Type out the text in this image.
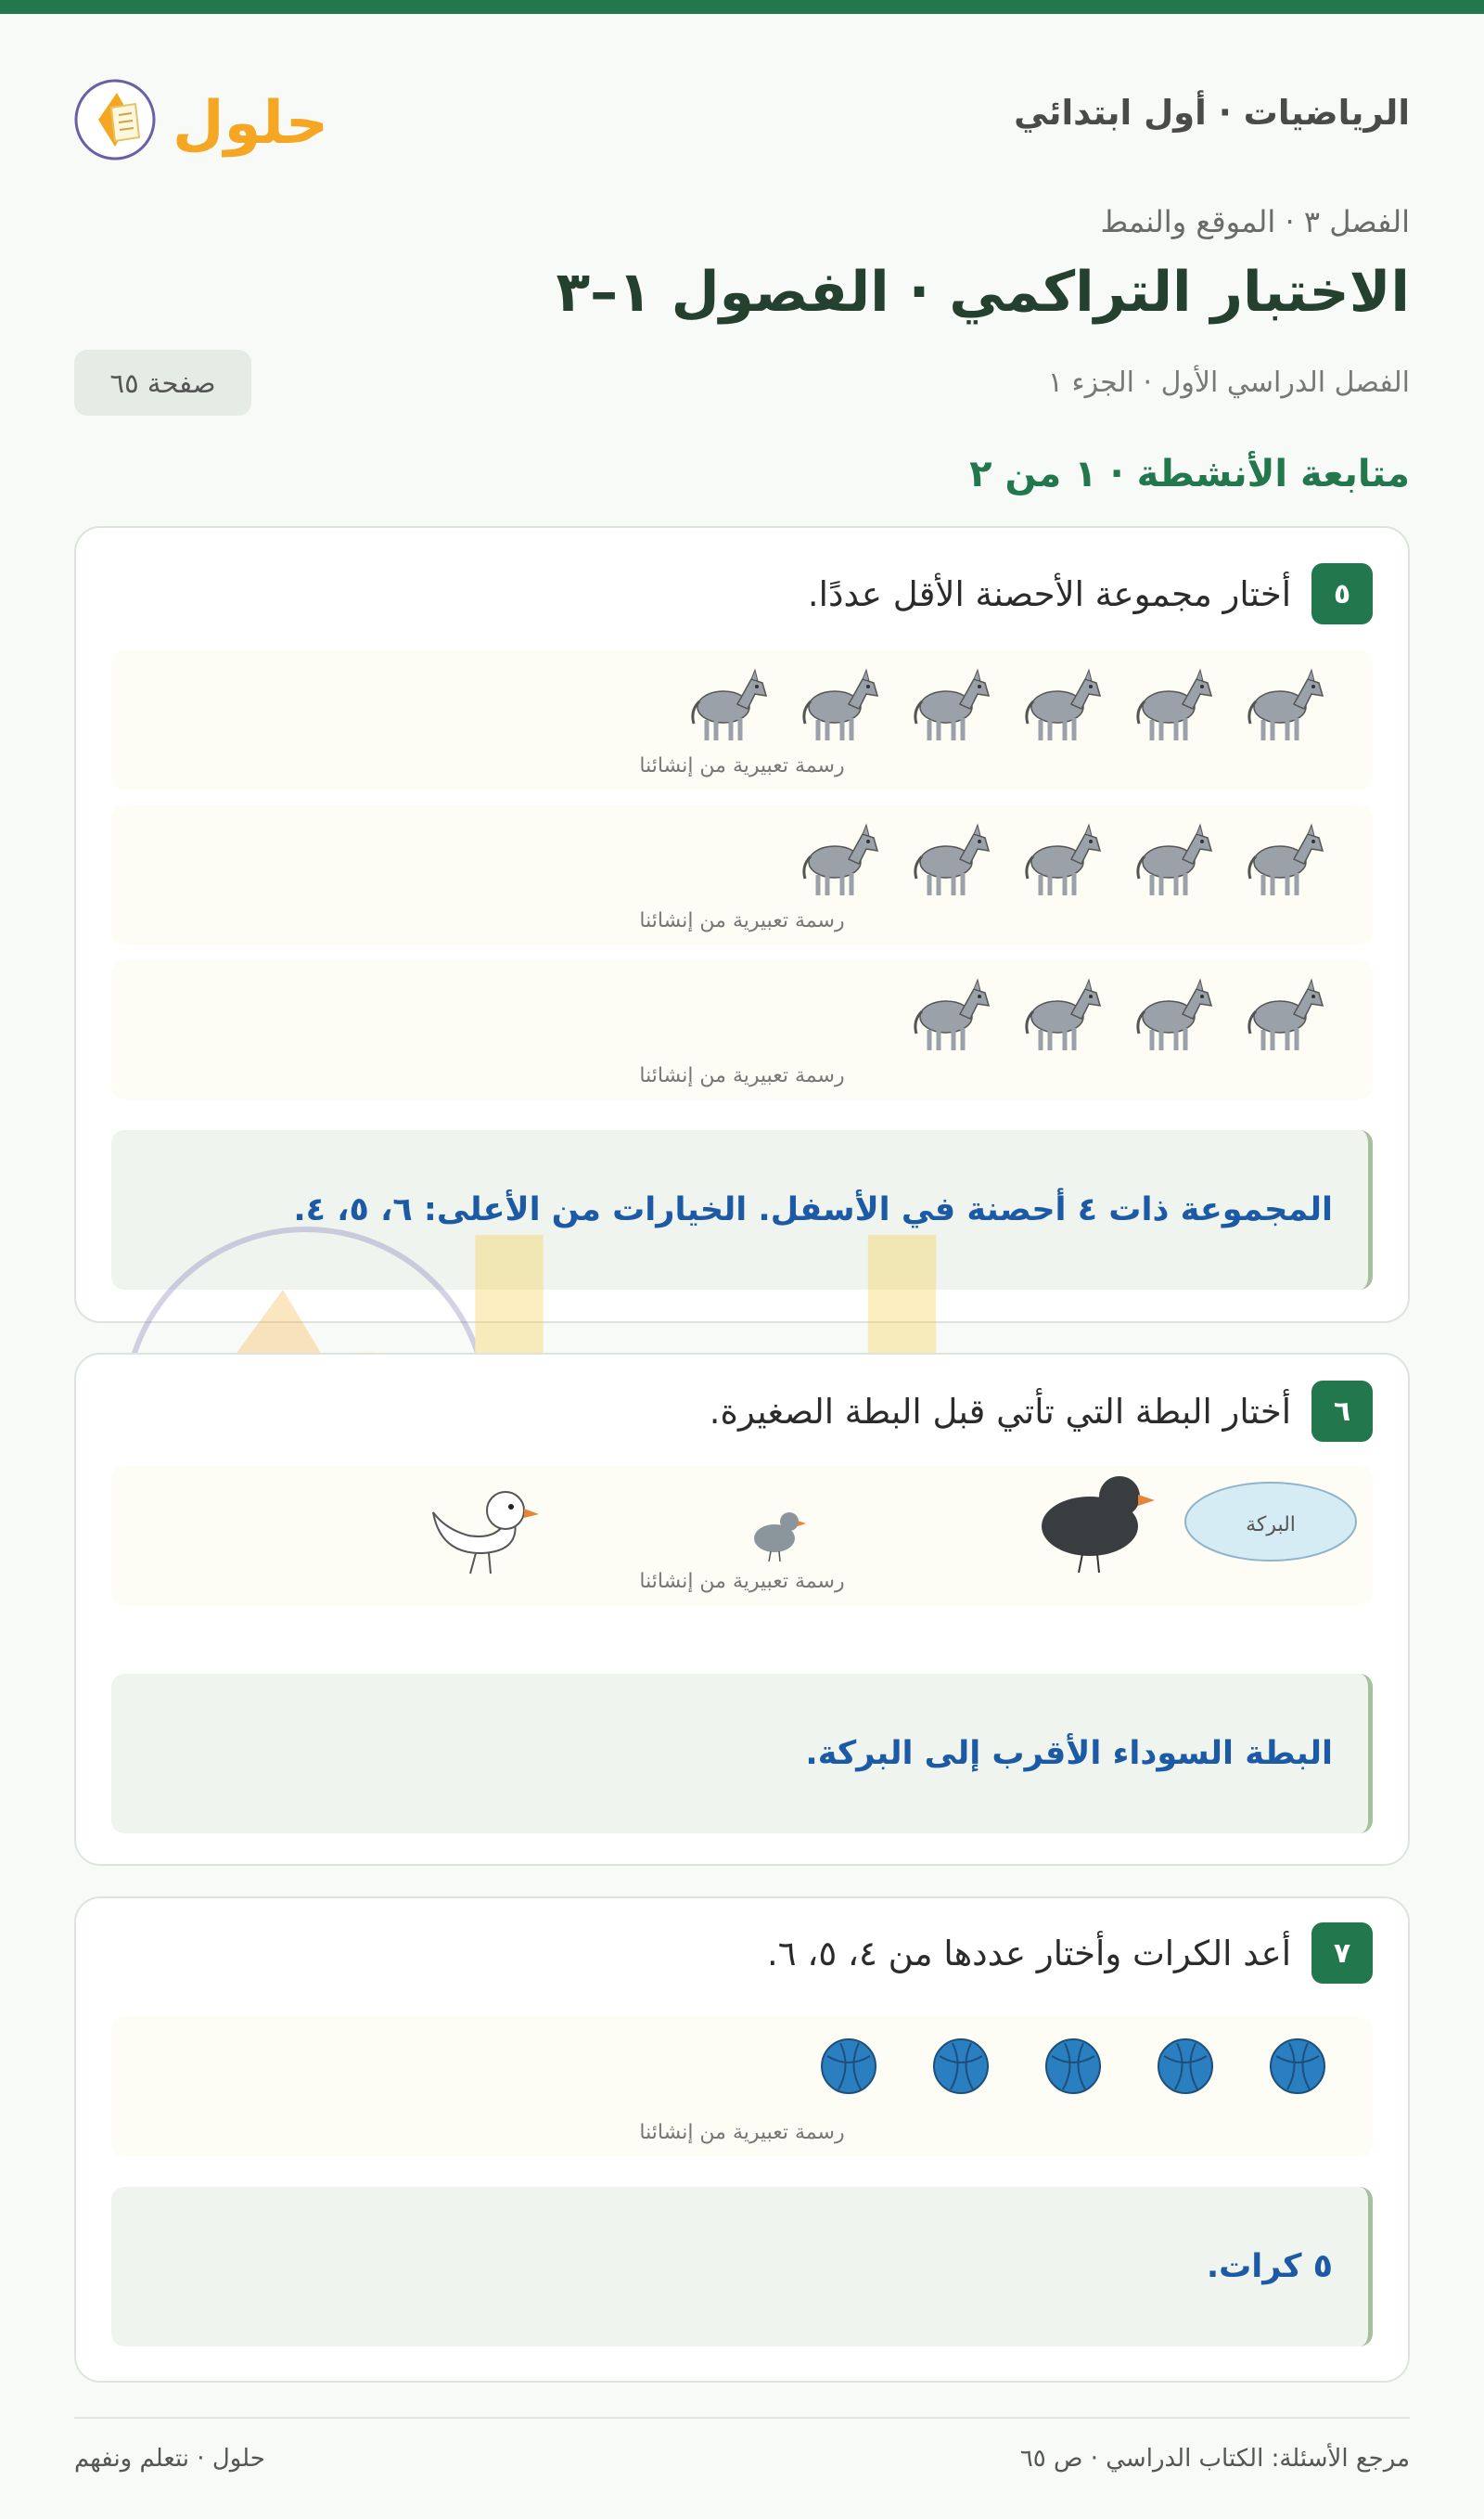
الرياضيات · أول ابتدائي
حلول
الفصل ٣ · الموقع والنمط
الاختبار التراكمي · الفصول ١–٣
الفصل الدراسي الأول · الجزء ١
صفحة ٦٥
متابعة الأنشطة · ١ من ٢
٥
أختار مجموعة الأحصنة الأقل عددًا.
رسمة تعبيرية من إنشائنا
رسمة تعبيرية من إنشائنا
رسمة تعبيرية من إنشائنا
المجموعة ذات ٤ أحصنة في الأسفل. الخيارات من الأعلى: ٦، ٥، ٤.
٦
أختار البطة التي تأتي قبل البطة الصغيرة.
البركة
رسمة تعبيرية من إنشائنا
البطة السوداء الأقرب إلى البركة.
٧
أعد الكرات وأختار عددها من ٤، ٥، ٦.
رسمة تعبيرية من إنشائنا
٥ كرات.
مرجع الأسئلة: الكتاب الدراسي · ص ٦٥
حلول · نتعلم ونفهم
